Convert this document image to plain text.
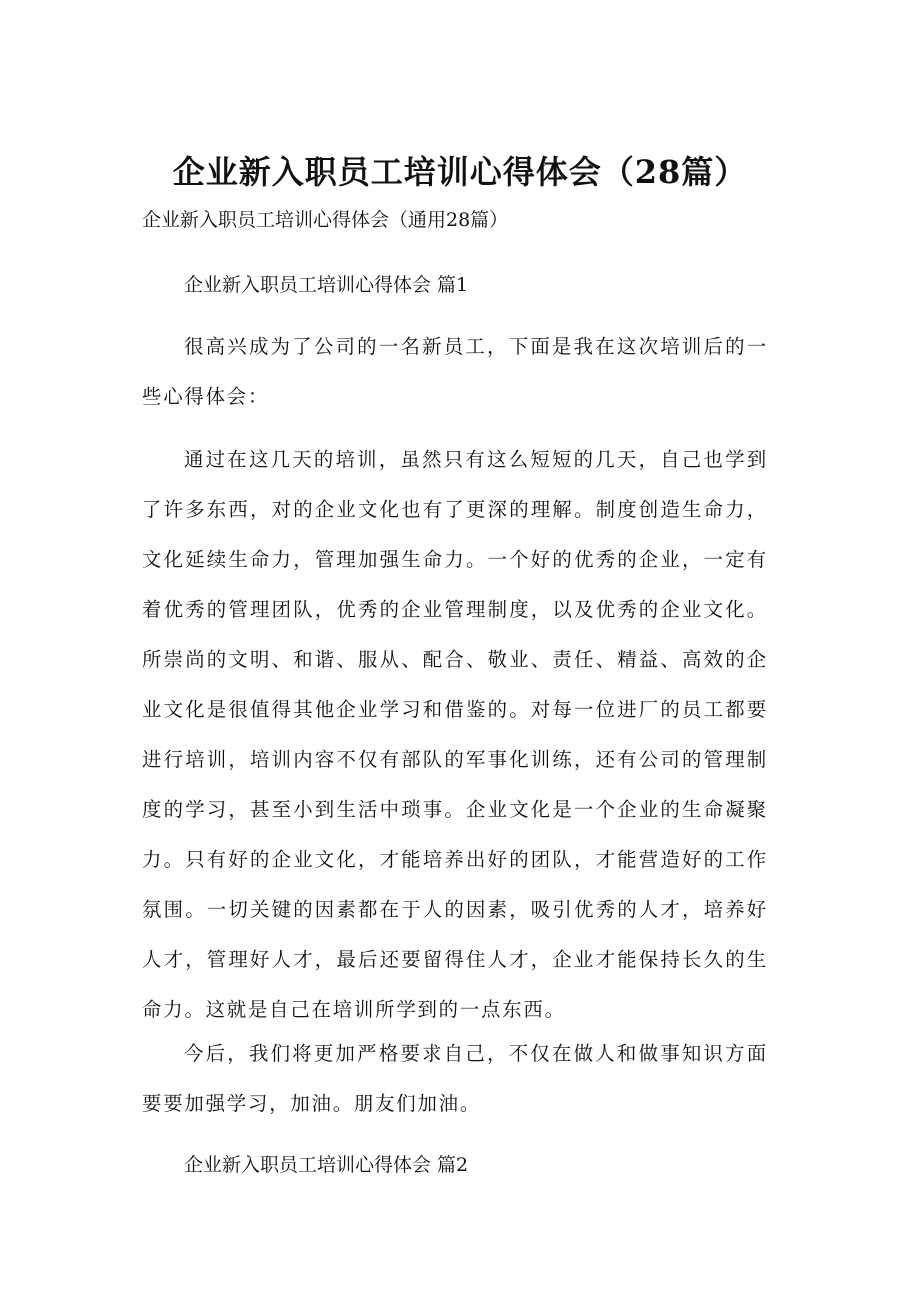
企业新入职员工培训心得体会（28篇）

企业新入职员工培训心得体会（通用28篇）

企业新入职员工培训心得体会 篇1

很高兴成为了公司的一名新员工，下面是我在这次培训后的一些心得体会：

通过在这几天的培训，虽然只有这么短短的几天，自己也学到了许多东西，对的企业文化也有了更深的理解。制度创造生命力，文化延续生命力，管理加强生命力。一个好的优秀的企业，一定有着优秀的管理团队，优秀的企业管理制度，以及优秀的企业文化。所崇尚的文明、和谐、服从、配合、敬业、责任、精益、高效的企业文化是很值得其他企业学习和借鉴的。对每一位进厂的员工都要进行培训，培训内容不仅有部队的军事化训练，还有公司的管理制度的学习，甚至小到生活中琐事。企业文化是一个企业的生命凝聚力。只有好的企业文化，才能培养出好的团队，才能营造好的工作氛围。一切关键的因素都在于人的因素，吸引优秀的人才，培养好人才，管理好人才，最后还要留得住人才，企业才能保持长久的生命力。这就是自己在培训所学到的一点东西。

今后，我们将更加严格要求自己，不仅在做人和做事知识方面要要加强学习，加油。朋友们加油。

企业新入职员工培训心得体会 篇2
